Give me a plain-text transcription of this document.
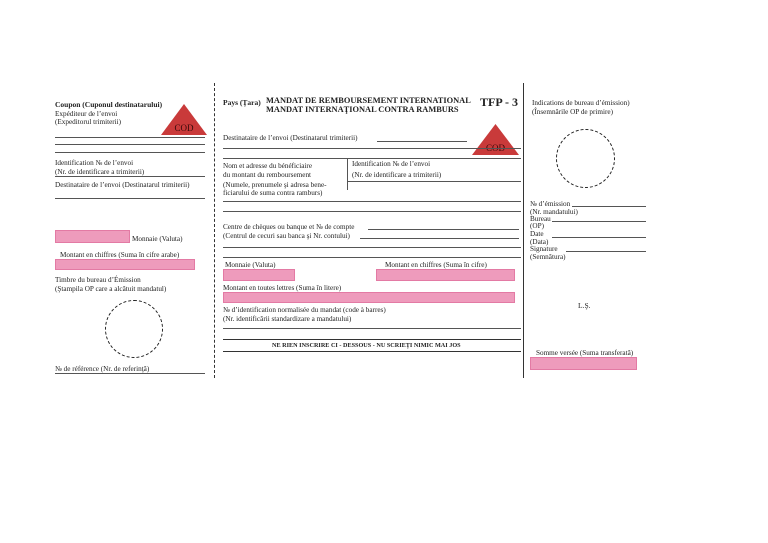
Coupon (Cuponul destinatarului)
Expéditeur de l’envoi
(Expeditorul trimiterii)
COD
Identification № de l’envoi
(Nr. de identificare a trimiterii)
Destinataire de l’envoi (Destinatarul trimiterii)
Monnaie (Valuta)
Montant en chiffres (Suma în cifre arabe)
Timbre du bureau d’Émission
(Ştampila OP care a alcătuit mandatul)
№ de référence (Nr. de referinţă)
Pays (Ţara) MANDAT DE REMBOURSEMENT INTERNATIONAL
MANDAT INTERNAŢIONAL CONTRA RAMBURS
TFP - 3
COD
Destinataire de l’envoi (Destinatarul trimiterii)
Nom et adresse du bénéficiaire
du montant du remboursement
(Numele, prenumele şi adresa bene-
ficiarului de suma contra ramburs)
Identification № de l’envoi
(Nr. de identificare a trimiterii)
Centre de chèques ou banque et № de compte
(Centrul de cecuri sau banca şi Nr. contului)
Monnaie (Valuta)	Montant en chiffres (Suma în cifre)
Montant en toutes lettres (Suma în litere)
№ d’identification normalisée du mandat (code à barres)
(Nr. identificării standardizare a mandatului)
NE RIEN INSCRIRE CI - DESSOUS - NU SCRIEŢI NIMIC MAI JOS
Indications de bureau d’émission)
(Însemnările OP de primire)
№ d’émission
(Nr. mandatului)
Bureau
(OP)
Date
(Data)
Signature
(Semnătura)
L.Ş.
Somme versée (Suma transferată)
